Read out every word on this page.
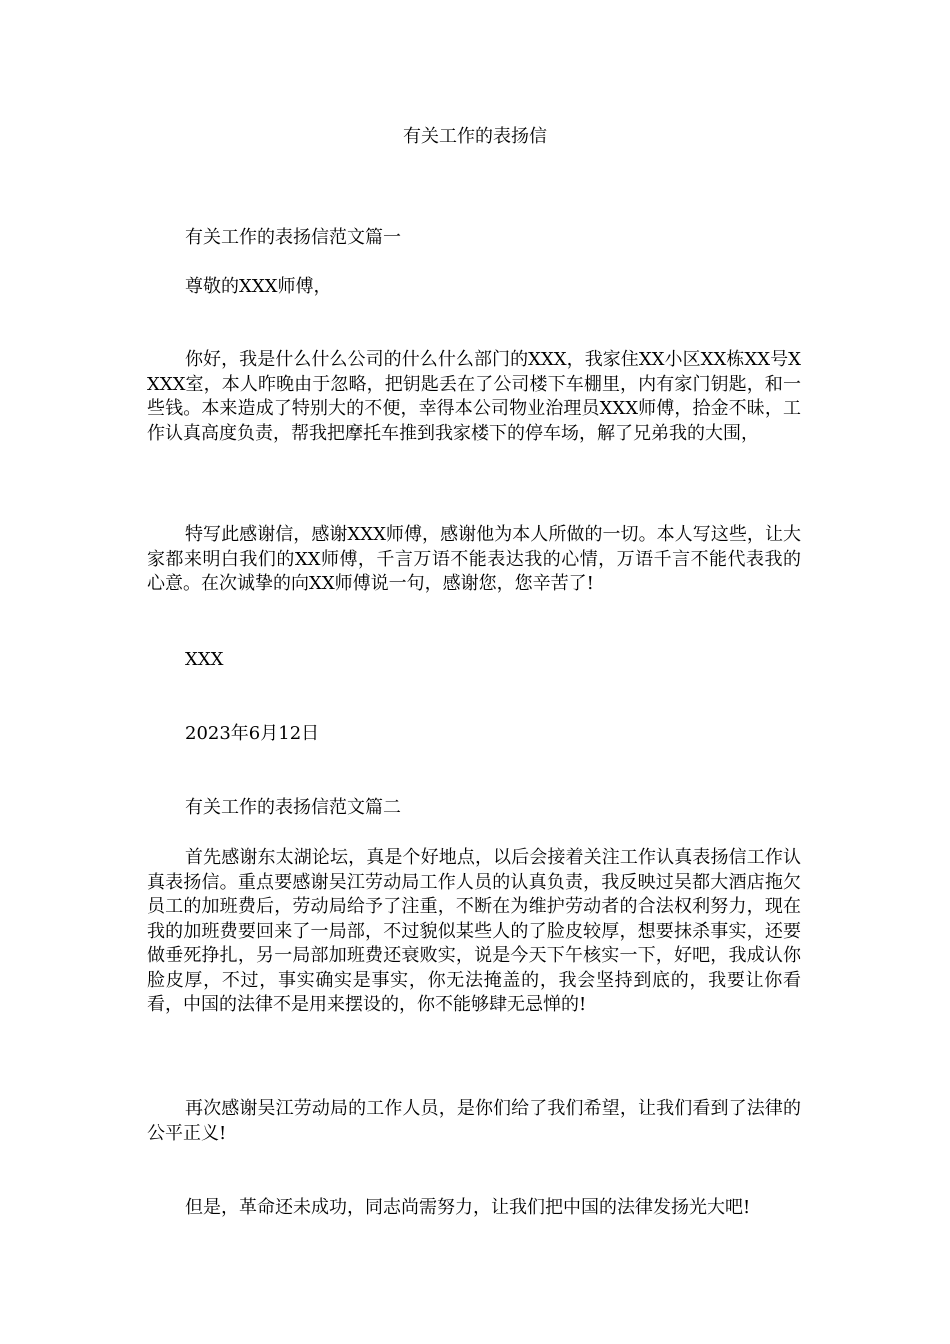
有关工作的表扬信

有关工作的表扬信范文篇一

尊敬的XXX师傅，

你好，我是什么什么公司的什么什么部门的XXX，我家住XX小区XX栋XX号XXXX室，本人昨晚由于忽略，把钥匙丢在了公司楼下车棚里，内有家门钥匙，和一些钱。本来造成了特别大的不便，幸得本公司物业治理员XXX师傅，拾金不昧，工作认真高度负责，帮我把摩托车推到我家楼下的停车场，解了兄弟我的大围，

特写此感谢信，感谢XXX师傅，感谢他为本人所做的一切。本人写这些，让大家都来明白我们的XX师傅，千言万语不能表达我的心情，万语千言不能代表我的心意。在次诚挚的向XX师傅说一句，感谢您，您辛苦了!

XXX

2023年6月12日

有关工作的表扬信范文篇二

首先感谢东太湖论坛，真是个好地点，以后会接着关注工作认真表扬信工作认真表扬信。重点要感谢吴江劳动局工作人员的认真负责，我反映过吴都大酒店拖欠员工的加班费后，劳动局给予了注重，不断在为维护劳动者的合法权利努力，现在我的加班费要回来了一局部，不过貌似某些人的了脸皮较厚，想要抹杀事实，还要做垂死挣扎，另一局部加班费还衰败实，说是今天下午核实一下，好吧，我成认你脸皮厚，不过，事实确实是事实，你无法掩盖的，我会坚持到底的，我要让你看看，中国的法律不是用来摆设的，你不能够肆无忌惮的!

再次感谢吴江劳动局的工作人员，是你们给了我们希望，让我们看到了法律的公平正义!

但是，革命还未成功，同志尚需努力，让我们把中国的法律发扬光大吧!
